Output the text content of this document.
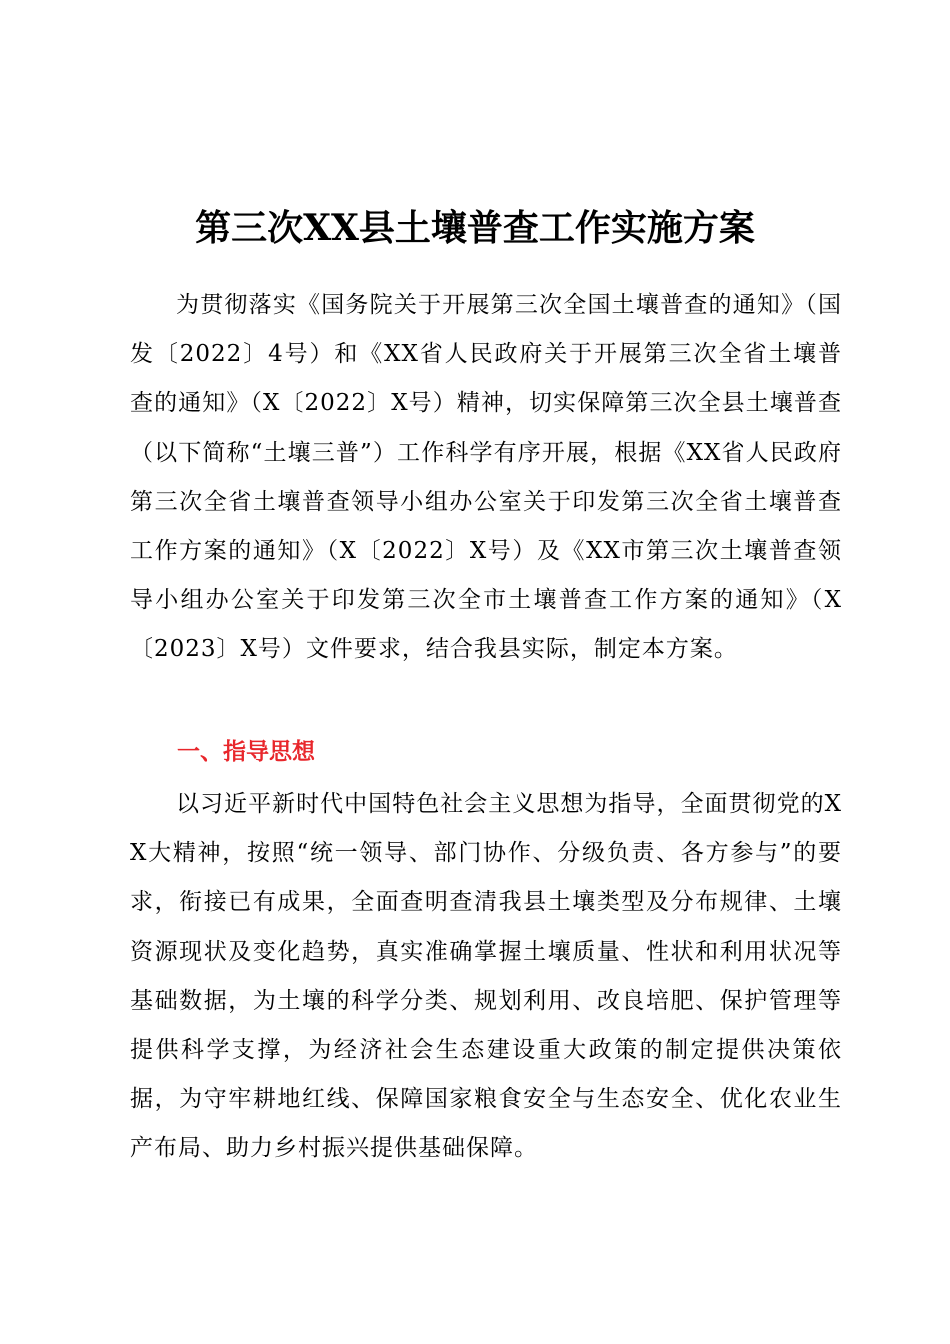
第三次XX县土壤普查工作实施方案
为贯彻落实《国务院关于开展第三次全国土壤普查的通知》（国发〔2022〕4号）和《XX省人民政府关于开展第三次全省土壤普查的通知》（X〔2022〕X号）精神，切实保障第三次全县土壤普查（以下简称“土壤三普”）工作科学有序开展，根据《XX省人民政府第三次全省土壤普查领导小组办公室关于印发第三次全省土壤普查工作方案的通知》（X〔2022〕X号）及《XX市第三次土壤普查领导小组办公室关于印发第三次全市土壤普查工作方案的通知》（X〔2023〕X号）文件要求，结合我县实际，制定本方案。
一、指导思想
以习近平新时代中国特色社会主义思想为指导，全面贯彻党的XX大精神，按照“统一领导、部门协作、分级负责、各方参与”的要求，衔接已有成果，全面查明查清我县土壤类型及分布规律、土壤资源现状及变化趋势，真实准确掌握土壤质量、性状和利用状况等基础数据，为土壤的科学分类、规划利用、改良培肥、保护管理等提供科学支撑，为经济社会生态建设重大政策的制定提供决策依据，为守牢耕地红线、保障国家粮食安全与生态安全、优化农业生产布局、助力乡村振兴提供基础保障。
